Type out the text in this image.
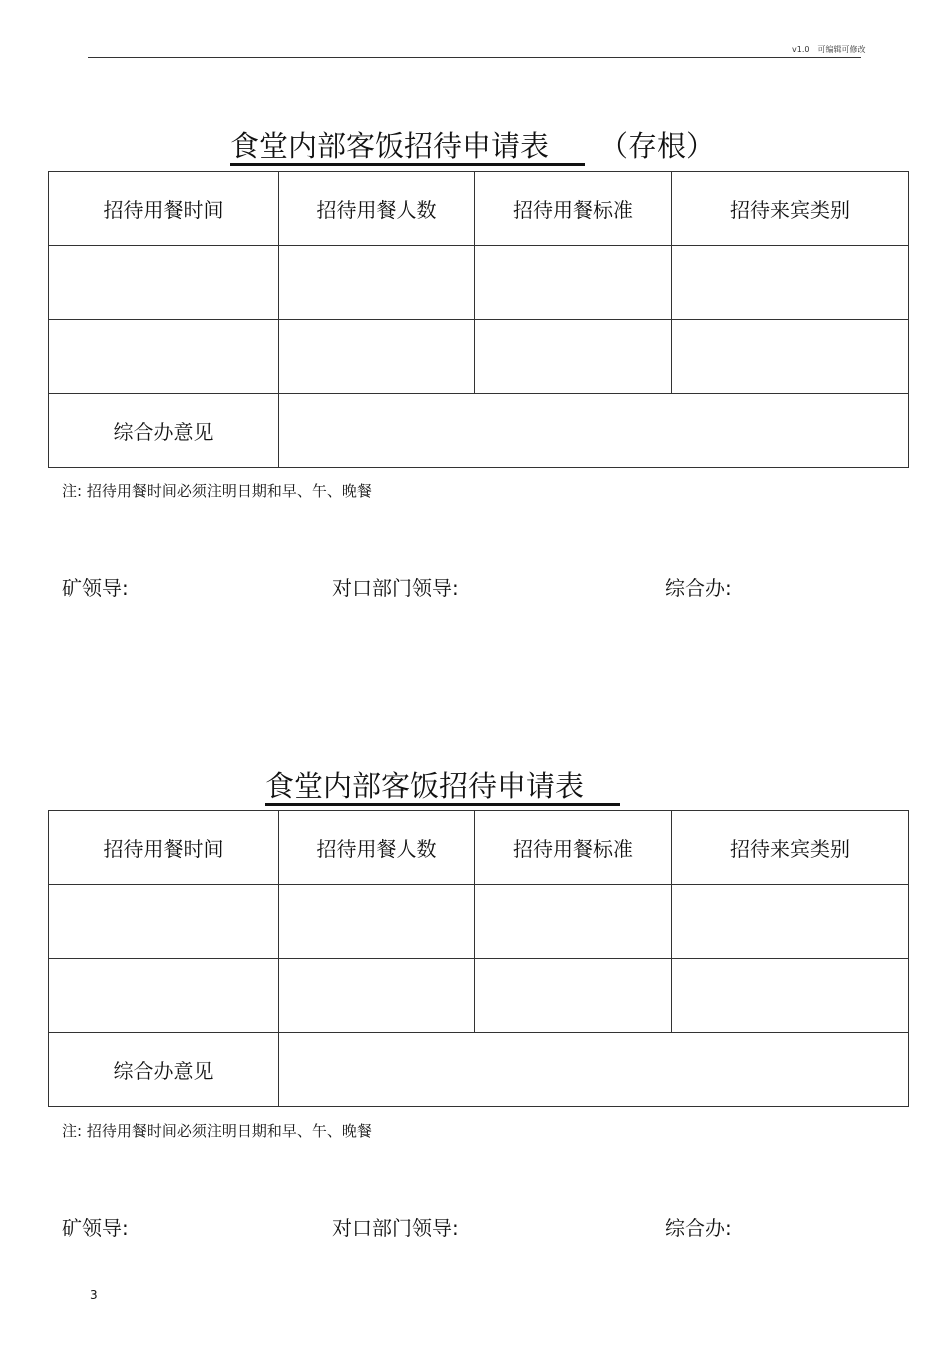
v1.0　可编辑可修改
食堂内部客饭招待申请表 （存根）
招待用餐时间	招待用餐人数	招待用餐标准	招待来宾类别

综合办意见			
注: 招待用餐时间必须注明日期和早、午、晚餐
矿领导:	对口部门领导:	综合办:
食堂内部客饭招待申请表
招待用餐时间	招待用餐人数	招待用餐标准	招待来宾类别

综合办意见			
注: 招待用餐时间必须注明日期和早、午、晚餐
矿领导:	对口部门领导:	综合办:
3
